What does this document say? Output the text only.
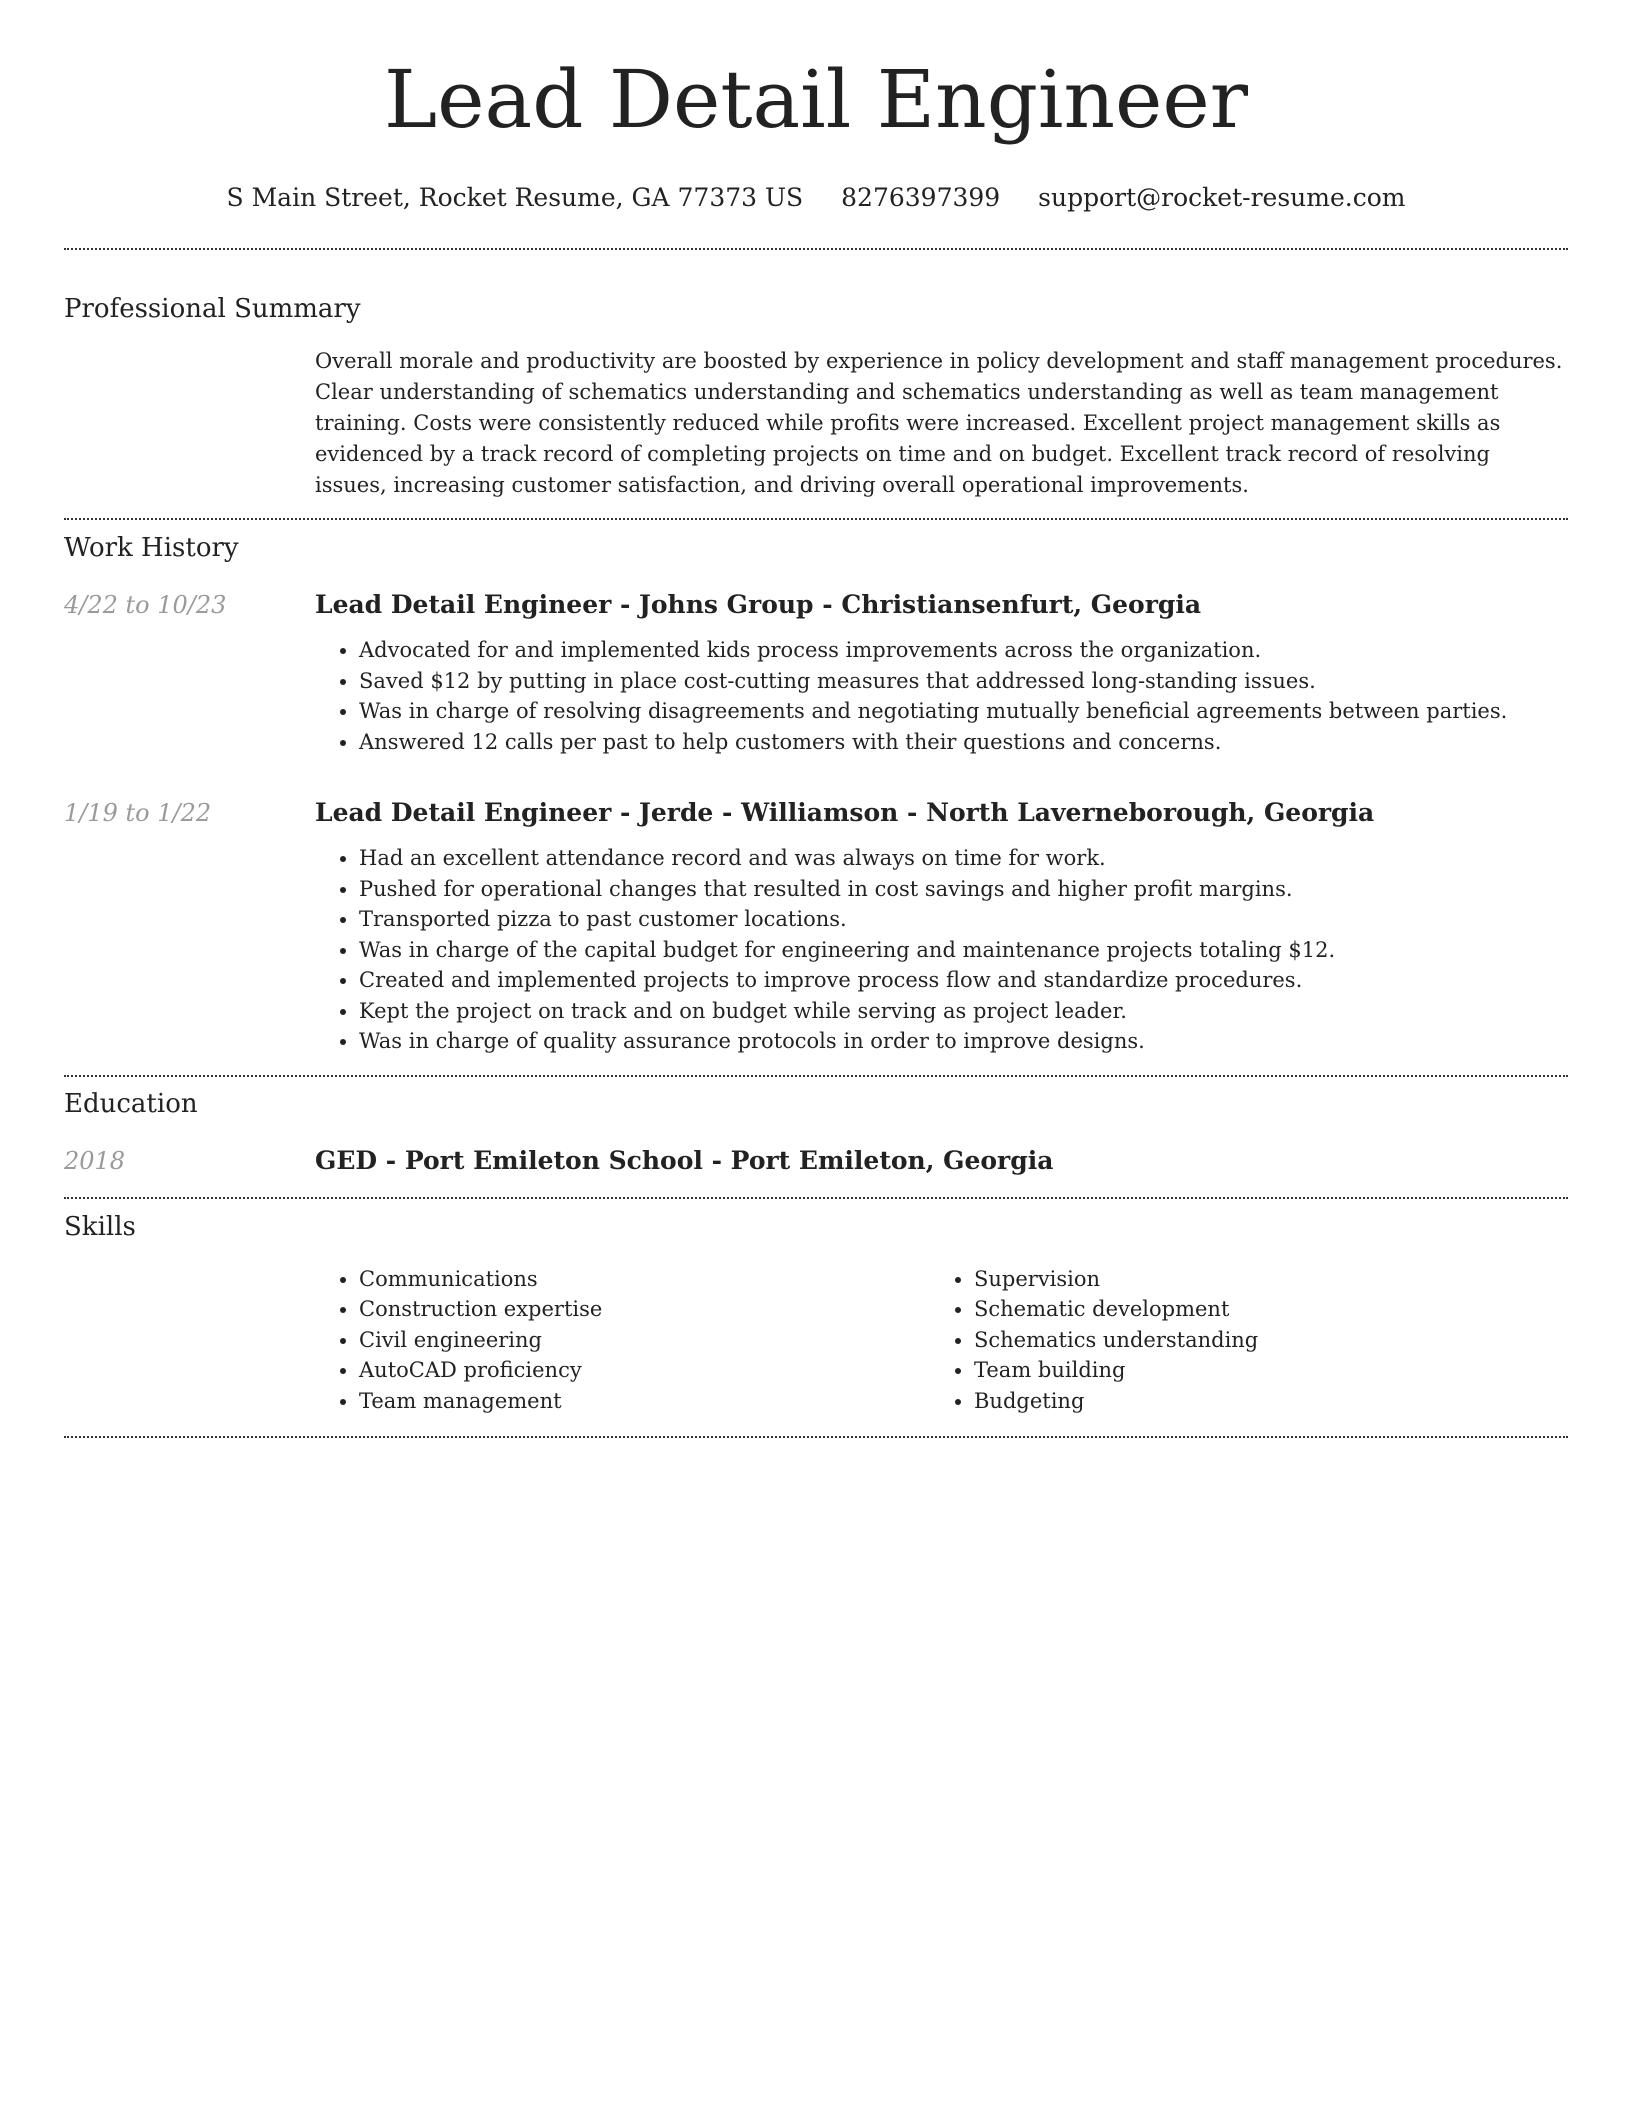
Lead Detail Engineer
S Main Street, Rocket Resume, GA 77373 US 8276397399 support@rocket-resume.com
Professional Summary

Overall morale and productivity are boosted by experience in policy development and staff management procedures. Clear understanding of schematics understanding and schematics understanding as well as team management training. Costs were consistently reduced while profits were increased. Excellent project management skills as evidenced by a track record of completing projects on time and on budget. Excellent track record of resolving issues, increasing customer satisfaction, and driving overall operational improvements.

Work History
4/22 to 10/23	Lead Detail Engineer - Johns Group - Christiansenfurt, Georgia
• Advocated for and implemented kids process improvements across the organization.
• Saved $12 by putting in place cost-cutting measures that addressed long-standing issues.
• Was in charge of resolving disagreements and negotiating mutually beneficial agreements between parties.
• Answered 12 calls per past to help customers with their questions and concerns.
1/19 to 1/22	Lead Detail Engineer - Jerde - Williamson - North Laverneborough, Georgia
• Had an excellent attendance record and was always on time for work.
• Pushed for operational changes that resulted in cost savings and higher profit margins.
• Transported pizza to past customer locations.
• Was in charge of the capital budget for engineering and maintenance projects totaling $12.
• Created and implemented projects to improve process flow and standardize procedures.
• Kept the project on track and on budget while serving as project leader.
• Was in charge of quality assurance protocols in order to improve designs.
Education
2018	GED - Port Emileton School - Port Emileton, Georgia
Skills
• Communications
• Construction expertise
• Civil engineering
• AutoCAD proficiency
• Team management
• Supervision
• Schematic development
• Schematics understanding
• Team building
• Budgeting
